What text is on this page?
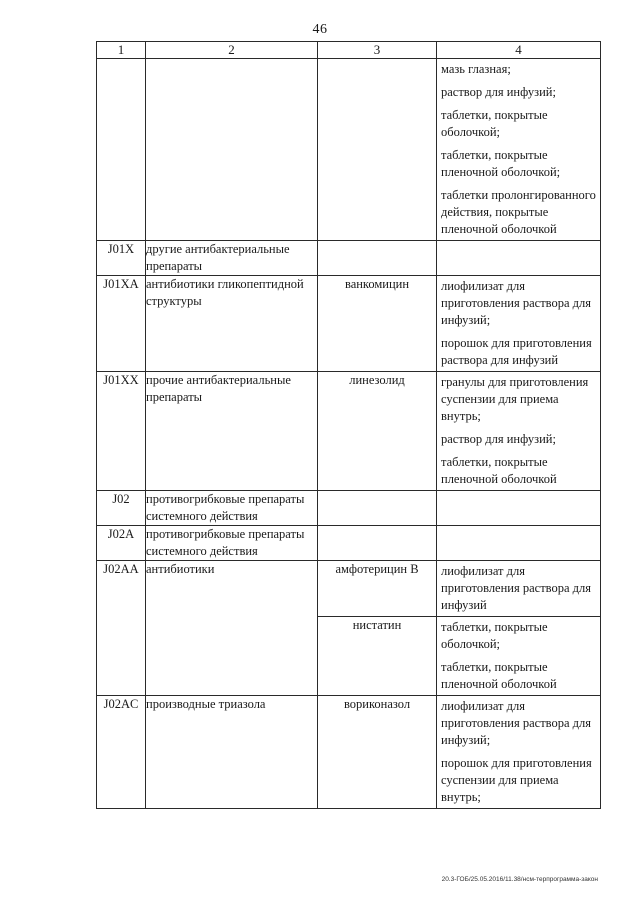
46
1	2	3	4

			мазь глазная;
раствор для инфузий;
таблетки, покрытые оболочкой;
таблетки, покрытые пленочной оболочкой;
таблетки пролонгированного действия, покрытые пленочной оболочкой

J01X	другие антибактериальные препараты		
J01XA	антибиотики гликопептидной структуры	ванкомицин	лиофилизат для приготовления раствора для инфузий;
порошок для приготовления раствора для инфузий

J01XX	прочие антибактериальные препараты	линезолид	гранулы для приготовления суспензии для приема внутрь;
раствор для инфузий;
таблетки, покрытые пленочной оболочкой

J02	противогрибковые препараты системного действия		
J02A	противогрибковые препараты системного действия		
J02AA	антибиотики	амфотерицин В	лиофилизат для приготовления раствора для инфузий

		нистатин	таблетки, покрытые оболочкой;
таблетки, покрытые пленочной оболочкой

J02AC	производные триазола	вориконазол	лиофилизат для приготовления раствора для инфузий;
порошок для приготовления суспензии для приема внутрь;
20.3-ГОБ/25.05.2016/11.38/нсм-терпрограмма-закон
